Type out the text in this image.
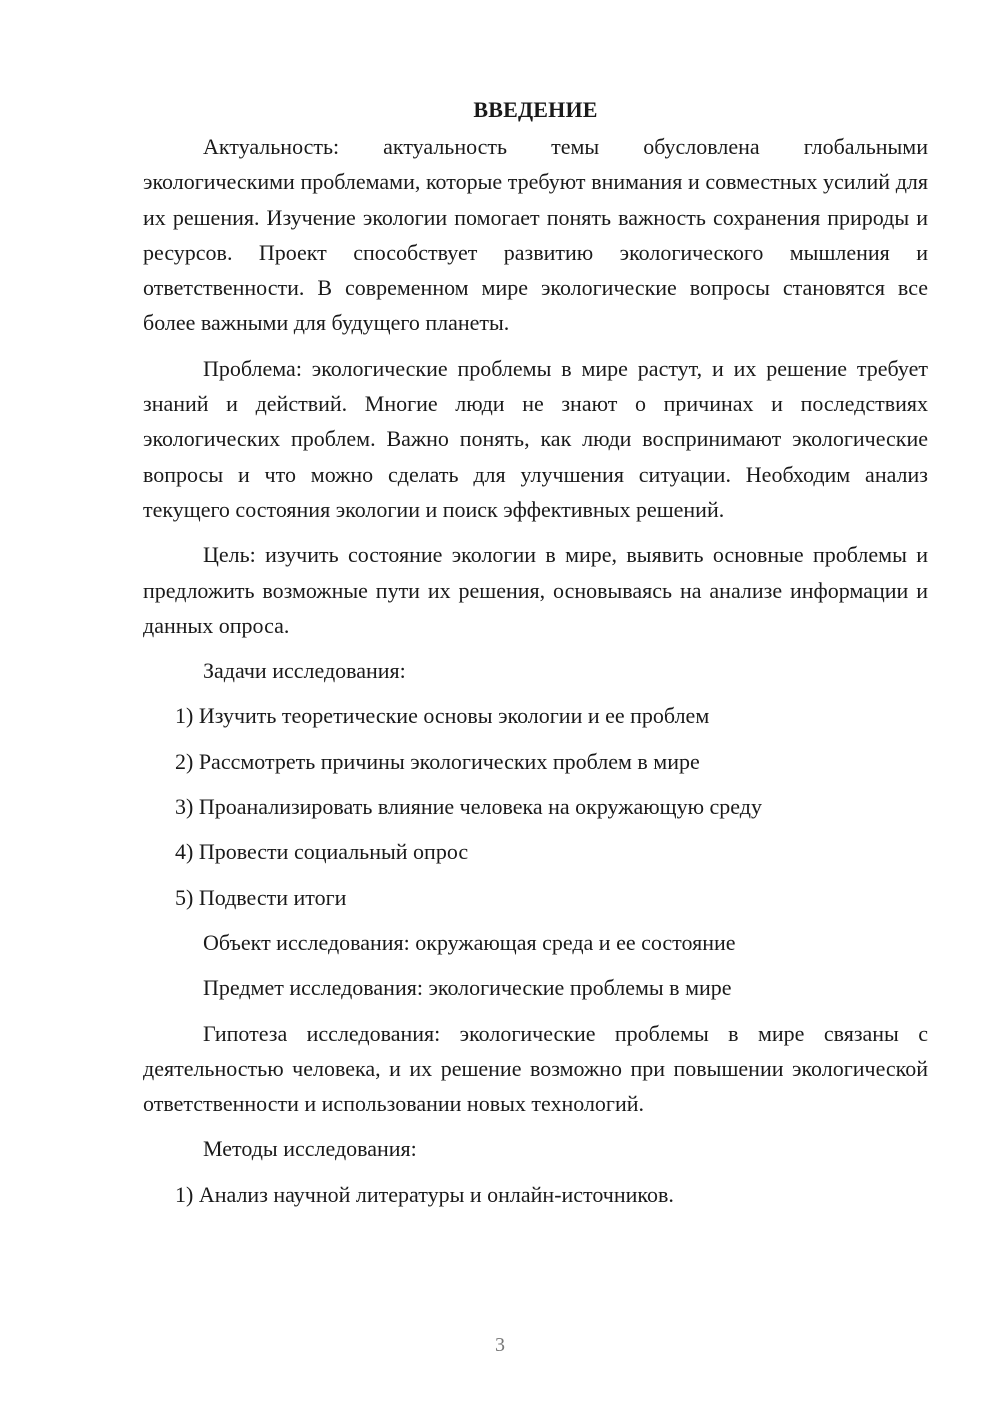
ВВЕДЕНИЕ

Актуальность: актуальность темы обусловлена глобальными экологическими проблемами, которые требуют внимания и совместных усилий для их решения. Изучение экологии помогает понять важность сохранения природы и ресурсов. Проект способствует развитию экологического мышления и ответственности. В современном мире экологические вопросы становятся все более важными для будущего планеты.

Проблема: экологические проблемы в мире растут, и их решение требует знаний и действий. Многие люди не знают о причинах и последствиях экологических проблем. Важно понять, как люди воспринимают экологические вопросы и что можно сделать для улучшения ситуации. Необходим анализ текущего состояния экологии и поиск эффективных решений.

Цель: изучить состояние экологии в мире, выявить основные проблемы и предложить возможные пути их решения, основываясь на анализе информации и данных опроса.

Задачи исследования:
1) Изучить теоретические основы экологии и ее проблем
2) Рассмотреть причины экологических проблем в мире
3) Проанализировать влияние человека на окружающую среду
4) Провести социальный опрос
5) Подвести итоги
Объект исследования: окружающая среда и ее состояние
Предмет исследования: экологические проблемы в мире

Гипотеза исследования: экологические проблемы в мире связаны с деятельностью человека, и их решение возможно при повышении экологической ответственности и использовании новых технологий.

Методы исследования:
1) Анализ научной литературы и онлайн-источников.
3
